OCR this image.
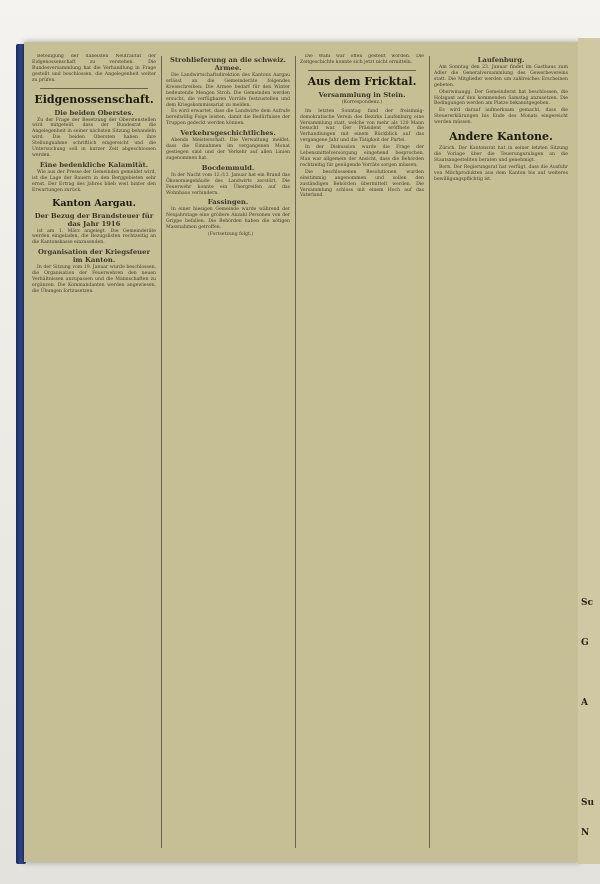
Beteiligung der dabeisten Neutralität der Eidgenossenschaft zu verstehen. Die Bundesversammlung hat die Verhandlung in Frage gestellt und beschlossen, die Angelegenheit weiter zu prüfen.

Eidgenossenschaft.
Die beiden Oberstes.

Zu der Frage der Besetzung der Oberstenstellen wird mitgeteilt, dass der Bundesrat die Angelegenheit in seiner nächsten Sitzung behandeln wird. Die beiden Obersten haben ihre Stellungnahme schriftlich eingereicht und die Untersuchung soll in kurzer Zeit abgeschlossen werden.

Eine bedenkliche Kalamität.

Wie aus der Presse der Gemeinden gemeldet wird, ist die Lage der Bauern in den Berggebieten sehr ernst. Der Ertrag des Jahres blieb weit hinter den Erwartungen zurück.

Kanton Aargau.
Der Bezug der Brandsteuer für das Jahr 1916

ist am 1. März angelegt. Die Gemeinderäte werden eingeladen, die Bezugslisten rechtzeitig an die Kantonskasse einzusenden.

Organisation der Kriegsfeuer im Kanton.

In der Sitzung vom 19. Januar wurde beschlossen, die Organisation der Feuerwehren den neuen Verhältnissen anzupassen und die Mannschaften zu ergänzen. Die Kommandanten werden angewiesen, die Übungen fortzusetzen.

Strohlieferung an die schweiz. Armee.

Die Landwirtschaftsdirektion des Kantons Aargau erlässt an die Gemeinderäte folgendes Kreisschreiben: Die Armee bedarf für den Winter bedeutende Mengen Stroh. Die Gemeinden werden ersucht, die verfügbaren Vorräte festzustellen und dem Kriegskommissariat zu melden.

Es wird erwartet, dass die Landwirte dem Aufrufe bereitwillig Folge leisten, damit die Bedürfnisse der Truppen gedeckt werden können.

Verkehrsgeschichtliches.

Abends Meisterschaft. Die Verwaltung meldet, dass die Einnahmen im vergangenen Monat gestiegen sind und der Verkehr auf allen Linien zugenommen hat.

Bocdemmuld.

In der Nacht vom 12./13. Januar hat ein Brand das Ökonomiegebäude des Landwirts zerstört. Die Feuerwehr konnte ein Übergreifen auf das Wohnhaus verhindern.

Fassingen.

In einer hiesigen Gemeinde wurde während der Neujahrstage eine größere Anzahl Personen von der Grippe befallen. Die Behörden haben die nötigen Massnahmen getroffen.

(Fortsetzung folgt.)

Die Wahl war offen gestellt worden. Die Zeitgeschichte konnte sich jetzt nicht ermitteln.

Aus dem Fricktal.
Versammlung in Stein.
(Korrespondenz.)

Im letzten Sonntag fand der freisinnig-demokratische Verein des Bezirks Laufenburg eine Versammlung statt, welche von mehr als 120 Mann besucht war. Der Präsident eröffnete die Verhandlungen mit einem Rückblick auf das vergangene Jahr und die Tätigkeit der Partei.

In der Diskussion wurde die Frage der Lebensmittelversorgung eingehend besprochen. Man war allgemein der Ansicht, dass die Behörden rechtzeitig für genügende Vorräte sorgen müssen.

Die beschlossenen Resolutionen wurden einstimmig angenommen und sollen den zuständigen Behörden übermittelt werden. Die Versammlung schloss mit einem Hoch auf das Vaterland.

Laufenburg.

Am Sonntag den 23. Januar findet im Gasthaus zum Adler die Generalversammlung des Gewerbevereins statt. Die Mitglieder werden um zahlreiches Erscheinen gebeten.

Oberwmaugg. Der Gemeinderat hat beschlossen, die Holzgant auf den kommenden Samstag anzusetzen. Die Bedingungen werden am Platze bekanntgegeben.

Es wird darauf aufmerksam gemacht, dass die Steuererklärungen bis Ende des Monats eingereicht werden müssen.

Andere Kantone.

Zürich. Der Kantonsrat hat in seiner letzten Sitzung die Vorlage über die Teuerungszulagen an die Staatsangestellten beraten und genehmigt.

Bern. Der Regierungsrat hat verfügt, dass die Ausfuhr von Milchprodukten aus dem Kanton bis auf weiteres bewilligungspflichtig ist.

Sc
G
A
Su
N
